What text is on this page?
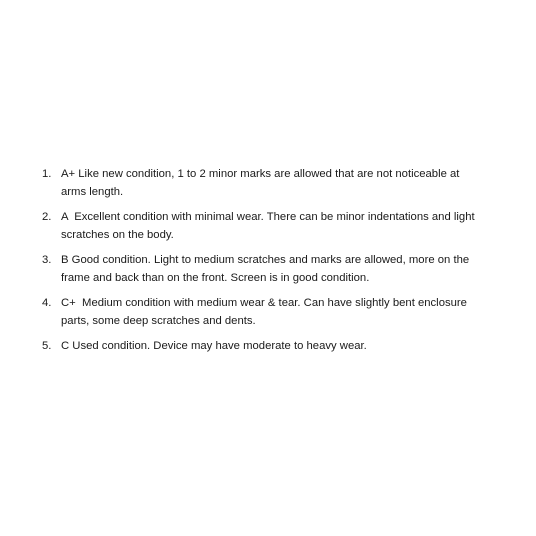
1. A+ Like new condition, 1 to 2 minor marks are allowed that are not noticeable at arms length.
2. A  Excellent condition with minimal wear. There can be minor indentations and light scratches on the body.
3. B Good condition. Light to medium scratches and marks are allowed, more on the frame and back than on the front. Screen is in good condition.
4. C+  Medium condition with medium wear & tear. Can have slightly bent enclosure parts, some deep scratches and dents.
5. C Used condition. Device may have moderate to heavy wear.
